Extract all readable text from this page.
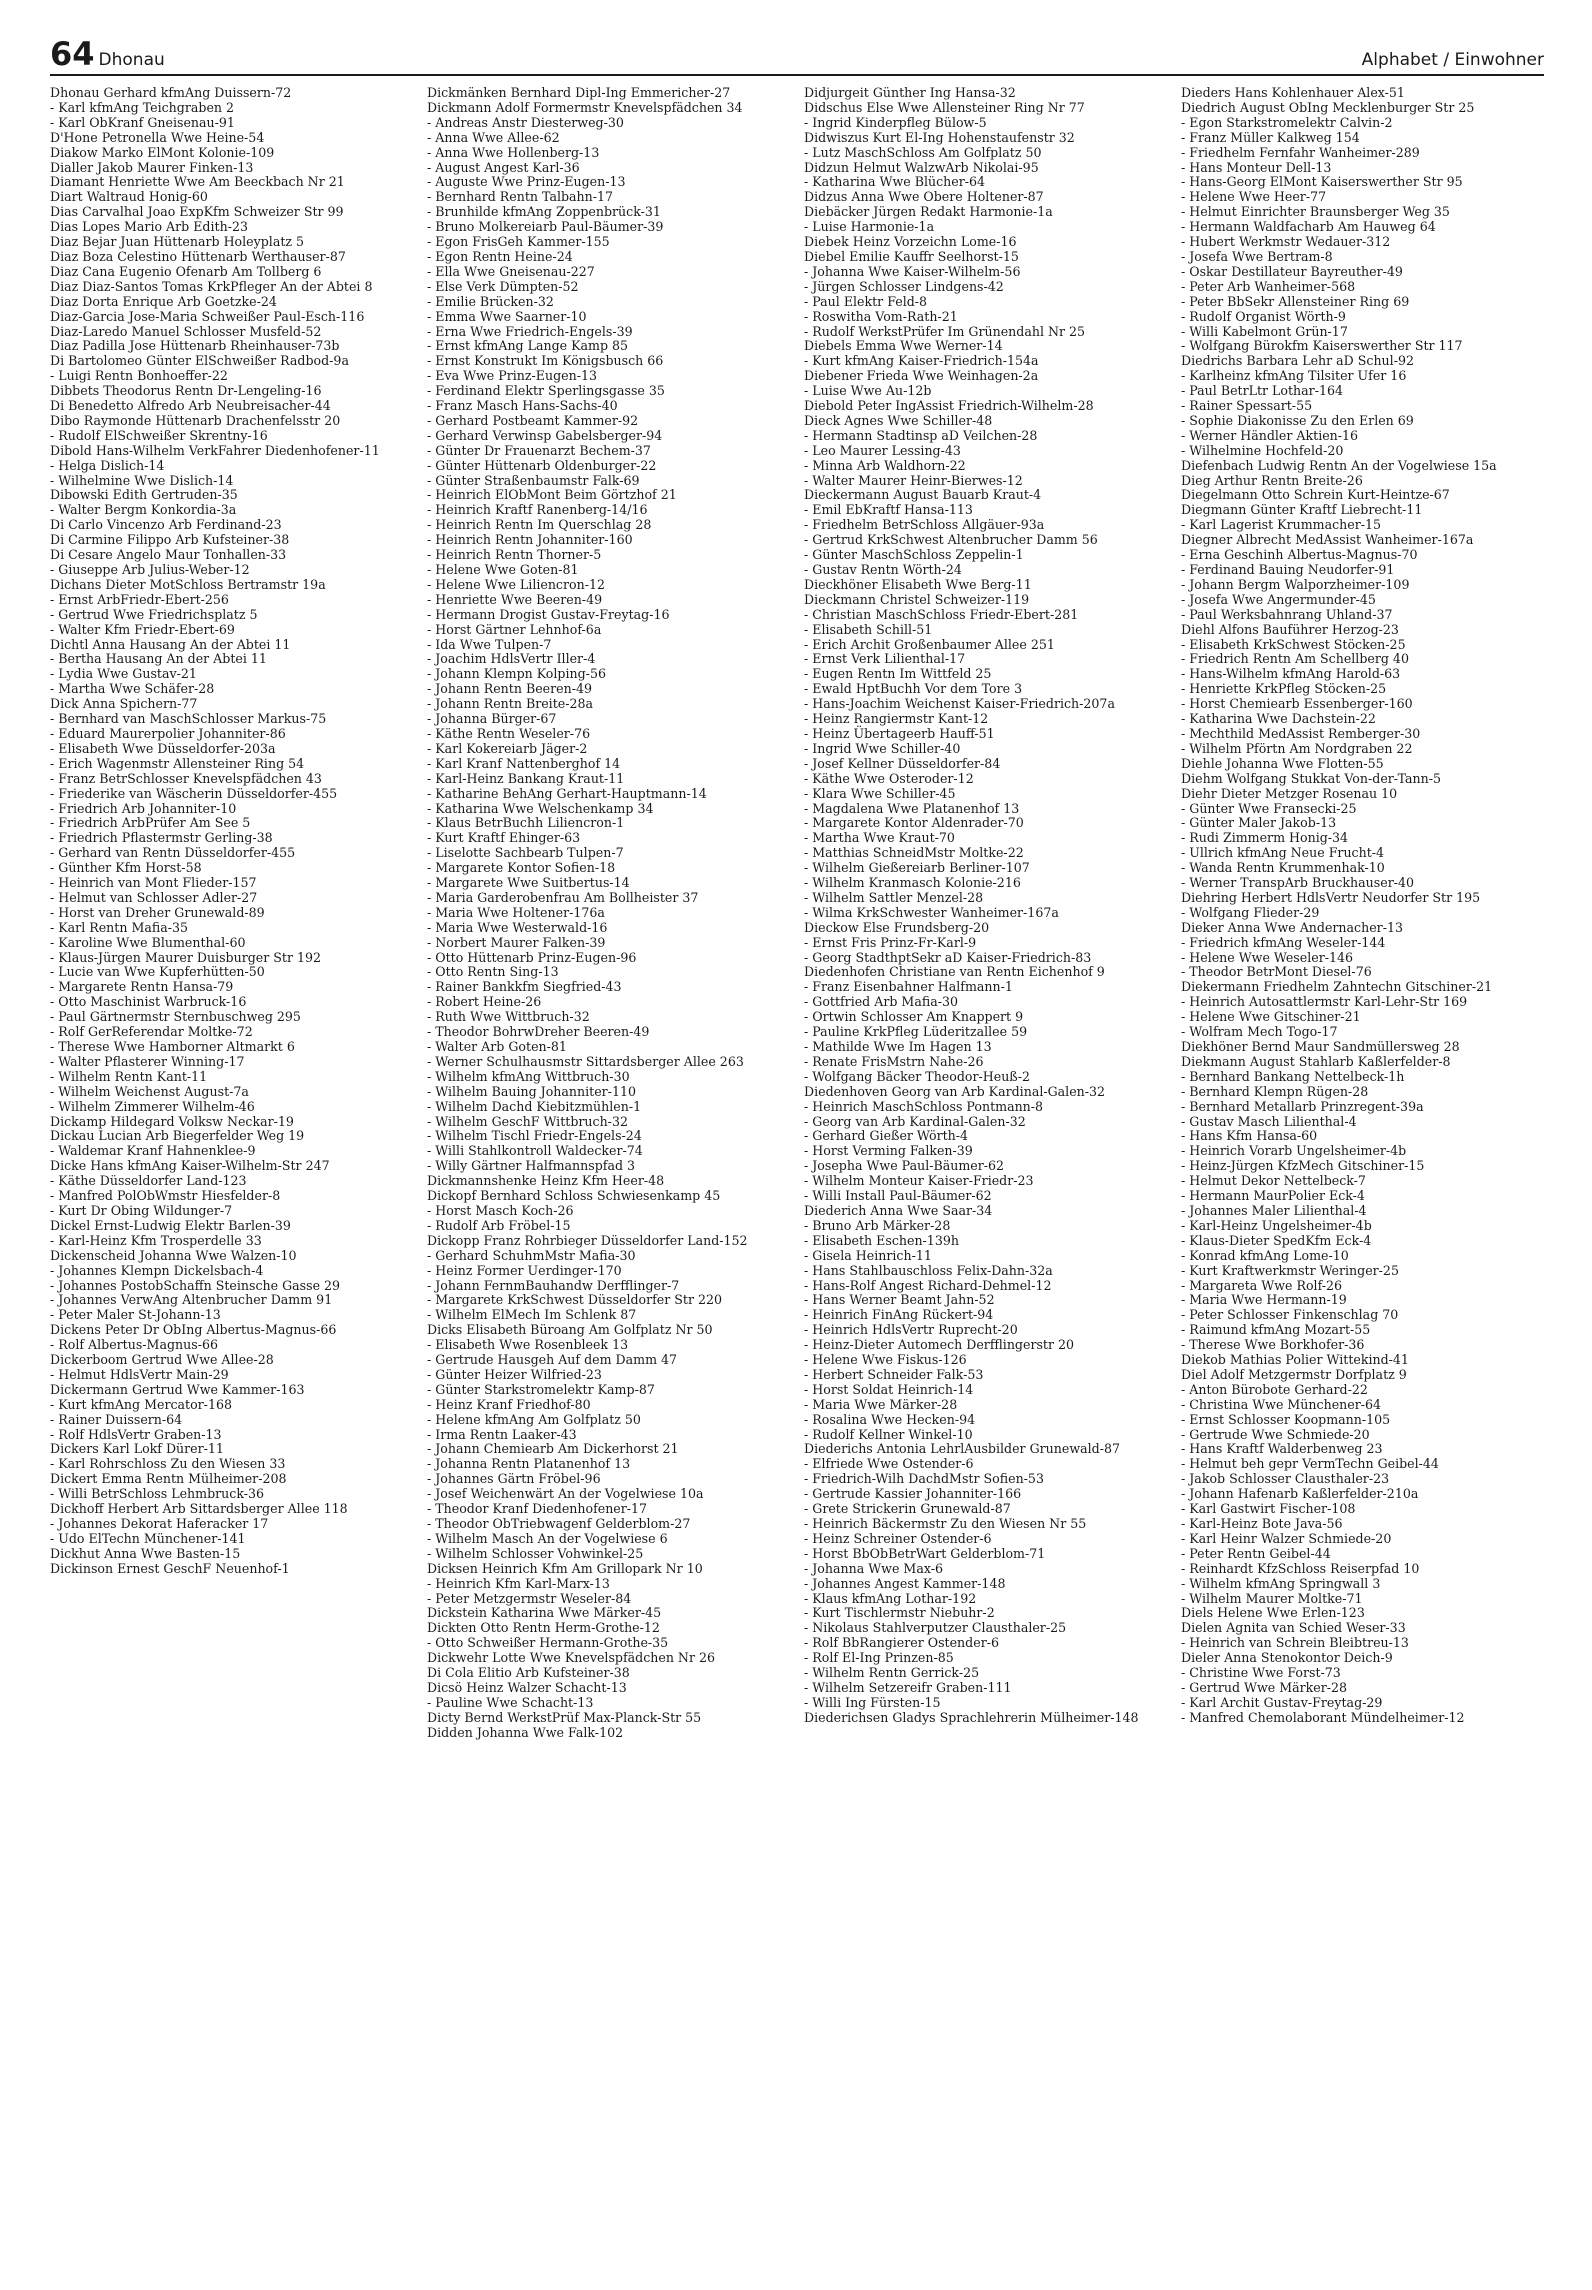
64 Dhonau	Alphabet / Einwohner
Dhonau Gerhard kfmAng Duissern-72
- Karl kfmAng Teichgraben 2
- Karl ObKranf Gneisenau-91
D'Hone Petronella Wwe Heine-54
Diakow Marko ElMont Kolonie-109
Dialler Jakob Maurer Finken-13
Diamant Henriette Wwe Am Beeckbach Nr 21
Diart Waltraud Honig-60
Dias Carvalhal Joao ExpKfm Schweizer Str 99
Dias Lopes Mario Arb Edith-23
Diaz Bejar Juan Hüttenarb Holeyplatz 5
Diaz Boza Celestino Hüttenarb Werthauser-87
Diaz Cana Eugenio Ofenarb Am Tollberg 6
Diaz Diaz-Santos Tomas KrkPfleger An der Abtei 8
Diaz Dorta Enrique Arb Goetzke-24
Diaz-Garcia Jose-Maria Schweißer Paul-Esch-116
Diaz-Laredo Manuel Schlosser Musfeld-52
Diaz Padilla Jose Hüttenarb Rheinhauser-73b
Di Bartolomeo Günter ElSchweißer Radbod-9a
- Luigi Rentn Bonhoeffer-22
Dibbets Theodorus Rentn Dr-Lengeling-16
Di Benedetto Alfredo Arb Neubreisacher-44
Dibo Raymonde Hüttenarb Drachenfelsstr 20
- Rudolf ElSchweißer Skrentny-16
Dibold Hans-Wilhelm VerkFahrer Diedenhofener-11
- Helga Dislich-14
- Wilhelmine Wwe Dislich-14
Dibowski Edith Gertruden-35
- Walter Bergm Konkordia-3a
Di Carlo Vincenzo Arb Ferdinand-23
Di Carmine Filippo Arb Kufsteiner-38
Di Cesare Angelo Maur Tonhallen-33
- Giuseppe Arb Julius-Weber-12
Dichans Dieter MotSchloss Bertramstr 19a
- Ernst ArbFriedr-Ebert-256
- Gertrud Wwe Friedrichsplatz 5
- Walter Kfm Friedr-Ebert-69
Dichtl Anna Hausang An der Abtei 11
- Bertha Hausang An der Abtei 11
- Lydia Wwe Gustav-21
- Martha Wwe Schäfer-28
Dick Anna Spichern-77
- Bernhard van MaschSchlosser Markus-75
- Eduard Maurerpolier Johanniter-86
- Elisabeth Wwe Düsseldorfer-203a
- Erich Wagenmstr Allensteiner Ring 54
- Franz BetrSchlosser Knevelspfädchen 43
- Friederike van Wäscherin Düsseldorfer-455
- Friedrich Arb Johanniter-10
- Friedrich ArbPrüfer Am See 5
- Friedrich Pflastermstr Gerling-38
- Gerhard van Rentn Düsseldorfer-455
- Günther Kfm Horst-58
- Heinrich van Mont Flieder-157
- Helmut van Schlosser Adler-27
- Horst van Dreher Grunewald-89
- Karl Rentn Mafia-35
- Karoline Wwe Blumenthal-60
- Klaus-Jürgen Maurer Duisburger Str 192
- Lucie van Wwe Kupferhütten-50
- Margarete Rentn Hansa-79
- Otto Maschinist Warbruck-16
- Paul Gärtnermstr Sternbuschweg 295
- Rolf GerReferendar Moltke-72
- Therese Wwe Hamborner Altmarkt 6
- Walter Pflasterer Winning-17
- Wilhelm Rentn Kant-11
- Wilhelm Weichenst August-7a
- Wilhelm Zimmerer Wilhelm-46
Dickamp Hildegard Volksw Neckar-19
Dickau Lucian Arb Biegerfelder Weg 19
- Waldemar Kranf Hahnenklee-9
Dicke Hans kfmAng Kaiser-Wilhelm-Str 247
- Käthe Düsseldorfer Land-123
- Manfred PolObWmstr Hiesfelder-8
- Kurt Dr Obing Wildunger-7
Dickel Ernst-Ludwig Elektr Barlen-39
- Karl-Heinz Kfm Trosperdelle 33
Dickenscheid Johanna Wwe Walzen-10
- Johannes Klempn Dickelsbach-4
- Johannes PostobSchaffn Steinsche Gasse 29
- Johannes VerwAng Altenbrucher Damm 91
- Peter Maler St-Johann-13
Dickens Peter Dr ObIng Albertus-Magnus-66
- Rolf Albertus-Magnus-66
Dickerboom Gertrud Wwe Allee-28
- Helmut HdlsVertr Main-29
Dickermann Gertrud Wwe Kammer-163
- Kurt kfmAng Mercator-168
- Rainer Duissern-64
- Rolf HdlsVertr Graben-13
Dickers Karl Lokf Dürer-11
- Karl Rohrschloss Zu den Wiesen 33
Dickert Emma Rentn Mülheimer-208
- Willi BetrSchloss Lehmbruck-36
Dickhoff Herbert Arb Sittardsberger Allee 118
- Johannes Dekorat Haferacker 17
- Udo ElTechn Münchener-141
Dickhut Anna Wwe Basten-15
Dickinson Ernest GeschF Neuenhof-1
Dickmänken Bernhard Dipl-Ing Emmericher-27
Dickmann Adolf Formermstr Knevelspfädchen 34
- Andreas Anstr Diesterweg-30
- Anna Wwe Allee-62
- Anna Wwe Hollenberg-13
- August Angest Karl-36
- Auguste Wwe Prinz-Eugen-13
- Bernhard Rentn Talbahn-17
- Brunhilde kfmAng Zoppenbrück-31
- Bruno Molkereiarb Paul-Bäumer-39
- Egon FrisGeh Kammer-155
- Egon Rentn Heine-24
- Ella Wwe Gneisenau-227
- Else Verk Dümpten-52
- Emilie Brücken-32
- Emma Wwe Saarner-10
- Erna Wwe Friedrich-Engels-39
- Ernst kfmAng Lange Kamp 85
- Ernst Konstrukt Im Königsbusch 66
- Eva Wwe Prinz-Eugen-13
- Ferdinand Elektr Sperlingsgasse 35
- Franz Masch Hans-Sachs-40
- Gerhard Postbeamt Kammer-92
- Gerhard Verwinsp Gabelsberger-94
- Günter Dr Frauenarzt Bechem-37
- Günter Hüttenarb Oldenburger-22
- Günter Straßenbaumstr Falk-69
- Heinrich ElObMont Beim Görtzhof 21
- Heinrich Kraftf Ranenberg-14/16
- Heinrich Rentn Im Querschlag 28
- Heinrich Rentn Johanniter-160
- Heinrich Rentn Thorner-5
- Helene Wwe Goten-81
- Helene Wwe Liliencron-12
- Henriette Wwe Beeren-49
- Hermann Drogist Gustav-Freytag-16
- Horst Gärtner Lehnhof-6a
- Ida Wwe Tulpen-7
- Joachim HdlsVertr Iller-4
- Johann Klempn Kolping-56
- Johann Rentn Beeren-49
- Johann Rentn Breite-28a
- Johanna Bürger-67
- Käthe Rentn Weseler-76
- Karl Kokereiarb Jäger-2
- Karl Kranf Nattenberghof 14
- Karl-Heinz Bankang Kraut-11
- Katharine BehAng Gerhart-Hauptmann-14
- Katharina Wwe Welschenkamp 34
- Klaus BetrBuchh Liliencron-1
- Kurt Kraftf Ehinger-63
- Liselotte Sachbearb Tulpen-7
- Margarete Kontor Sofien-18
- Margarete Wwe Suitbertus-14
- Maria Garderobenfrau Am Bollheister 37
- Maria Wwe Holtener-176a
- Maria Wwe Westerwald-16
- Norbert Maurer Falken-39
- Otto Hüttenarb Prinz-Eugen-96
- Otto Rentn Sing-13
- Rainer Bankkfm Siegfried-43
- Robert Heine-26
- Ruth Wwe Wittbruch-32
- Theodor BohrwDreher Beeren-49
- Walter Arb Goten-81
- Werner Schulhausmstr Sittardsberger Allee 263
- Wilhelm kfmAng Wittbruch-30
- Wilhelm Bauing Johanniter-110
- Wilhelm Dachd Kiebitzmühlen-1
- Wilhelm GeschF Wittbruch-32
- Wilhelm Tischl Friedr-Engels-24
- Willi Stahlkontroll Waldecker-74
- Willy Gärtner Halfmannspfad 3
Dickmannshenke Heinz Kfm Heer-48
Dickopf Bernhard Schloss Schwiesenkamp 45
- Horst Masch Koch-26
- Rudolf Arb Fröbel-15
Dickopp Franz Rohrbieger Düsseldorfer Land-152
- Gerhard SchuhmMstr Mafia-30
- Heinz Former Uerdinger-170
- Johann FernmBauhandw Derfflinger-7
- Margarete KrkSchwest Düsseldorfer Str 220
- Wilhelm ElMech Im Schlenk 87
Dicks Elisabeth Büroang Am Golfplatz Nr 50
- Elisabeth Wwe Rosenbleek 13
- Gertrude Hausgeh Auf dem Damm 47
- Günter Heizer Wilfried-23
- Günter Starkstromelektr Kamp-87
- Heinz Kranf Friedhof-80
- Helene kfmAng Am Golfplatz 50
- Irma Rentn Laaker-43
- Johann Chemiearb Am Dickerhorst 21
- Johanna Rentn Platanenhof 13
- Johannes Gärtn Fröbel-96
- Josef Weichenwärt An der Vogelwiese 10a
- Theodor Kranf Diedenhofener-17
- Theodor ObTriebwagenf Gelderblom-27
- Wilhelm Masch An der Vogelwiese 6
- Wilhelm Schlosser Vohwinkel-25
Dicksen Heinrich Kfm Am Grillopark Nr 10
- Heinrich Kfm Karl-Marx-13
- Peter Metzgermstr Weseler-84
Dickstein Katharina Wwe Märker-45
Dickten Otto Rentn Herm-Grothe-12
- Otto Schweißer Hermann-Grothe-35
Dickwehr Lotte Wwe Knevelspfädchen Nr 26
Di Cola Elitio Arb Kufsteiner-38
Dicsö Heinz Walzer Schacht-13
- Pauline Wwe Schacht-13
Dicty Bernd WerkstPrüf Max-Planck-Str 55
Didden Johanna Wwe Falk-102
Didjurgeit Günther Ing Hansa-32
Didschus Else Wwe Allensteiner Ring Nr 77
- Ingrid Kinderpfleg Bülow-5
Didwiszus Kurt El-Ing Hohenstaufenstr 32
- Lutz MaschSchloss Am Golfplatz 50
Didzun Helmut WalzwArb Nikolai-95
- Katharina Wwe Blücher-64
Didzus Anna Wwe Obere Holtener-87
Diebäcker Jürgen Redakt Harmonie-1a
- Luise Harmonie-1a
Diebek Heinz Vorzeichn Lome-16
Diebel Emilie Kauffr Seelhorst-15
- Johanna Wwe Kaiser-Wilhelm-56
- Jürgen Schlosser Lindgens-42
- Paul Elektr Feld-8
- Roswitha Vom-Rath-21
- Rudolf WerkstPrüfer Im Grünendahl Nr 25
Diebels Emma Wwe Werner-14
- Kurt kfmAng Kaiser-Friedrich-154a
Diebener Frieda Wwe Weinhagen-2a
- Luise Wwe Au-12b
Diebold Peter IngAssist Friedrich-Wilhelm-28
Dieck Agnes Wwe Schiller-48
- Hermann Stadtinsp aD Veilchen-28
- Leo Maurer Lessing-43
- Minna Arb Waldhorn-22
- Walter Maurer Heinr-Bierwes-12
Dieckermann August Bauarb Kraut-4
- Emil EbKraftf Hansa-113
- Friedhelm BetrSchloss Allgäuer-93a
- Gertrud KrkSchwest Altenbrucher Damm 56
- Günter MaschSchloss Zeppelin-1
- Gustav Rentn Wörth-24
Dieckhöner Elisabeth Wwe Berg-11
Dieckmann Christel Schweizer-119
- Christian MaschSchloss Friedr-Ebert-281
- Elisabeth Schill-51
- Erich Archit Großenbaumer Allee 251
- Ernst Verk Lilienthal-17
- Eugen Rentn Im Wittfeld 25
- Ewald HptBuchh Vor dem Tore 3
- Hans-Joachim Weichenst Kaiser-Friedrich-207a
- Heinz Rangiermstr Kant-12
- Heinz Übertageerb Hauff-51
- Ingrid Wwe Schiller-40
- Josef Kellner Düsseldorfer-84
- Käthe Wwe Osteroder-12
- Klara Wwe Schiller-45
- Magdalena Wwe Platanenhof 13
- Margarete Kontor Aldenrader-70
- Martha Wwe Kraut-70
- Matthias SchneidMstr Moltke-22
- Wilhelm Gießereiarb Berliner-107
- Wilhelm Kranmasch Kolonie-216
- Wilhelm Sattler Menzel-28
- Wilma KrkSchwester Wanheimer-167a
Dieckow Else Frundsberg-20
- Ernst Fris Prinz-Fr-Karl-9
- Georg StadthptSekr aD Kaiser-Friedrich-83
Diedenhofen Christiane van Rentn Eichenhof 9
- Franz Eisenbahner Halfmann-1
- Gottfried Arb Mafia-30
- Ortwin Schlosser Am Knappert 9
- Pauline KrkPfleg Lüderitzallee 59
- Mathilde Wwe Im Hagen 13
- Renate FrisMstrn Nahe-26
- Wolfgang Bäcker Theodor-Heuß-2
Diedenhoven Georg van Arb Kardinal-Galen-32
- Heinrich MaschSchloss Pontmann-8
- Georg van Arb Kardinal-Galen-32
- Gerhard Gießer Wörth-4
- Horst Verming Falken-39
- Josepha Wwe Paul-Bäumer-62
- Wilhelm Monteur Kaiser-Friedr-23
- Willi Install Paul-Bäumer-62
Diederich Anna Wwe Saar-34
- Bruno Arb Märker-28
- Elisabeth Eschen-139h
- Gisela Heinrich-11
- Hans Stahlbauschloss Felix-Dahn-32a
- Hans-Rolf Angest Richard-Dehmel-12
- Hans Werner Beamt Jahn-52
- Heinrich FinAng Rückert-94
- Heinrich HdlsVertr Ruprecht-20
- Heinz-Dieter Automech Derfflingerstr 20
- Helene Wwe Fiskus-126
- Herbert Schneider Falk-53
- Horst Soldat Heinrich-14
- Maria Wwe Märker-28
- Rosalina Wwe Hecken-94
- Rudolf Kellner Winkel-10
Diederichs Antonia LehrlAusbilder Grunewald-87
- Elfriede Wwe Ostender-6
- Friedrich-Wilh DachdMstr Sofien-53
- Gertrude Kassier Johanniter-166
- Grete Strickerin Grunewald-87
- Heinrich Bäckermstr Zu den Wiesen Nr 55
- Heinz Schreiner Ostender-6
- Horst BbObBetrWart Gelderblom-71
- Johanna Wwe Max-6
- Johannes Angest Kammer-148
- Klaus kfmAng Lothar-192
- Kurt Tischlermstr Niebuhr-2
- Nikolaus Stahlverputzer Clausthaler-25
- Rolf BbRangierer Ostender-6
- Rolf El-Ing Prinzen-85
- Wilhelm Rentn Gerrick-25
- Wilhelm Setzereifr Graben-111
- Willi Ing Fürsten-15
Diederichsen Gladys Sprachlehrerin Mülheimer-148
Dieders Hans Kohlenhauer Alex-51
Diedrich August ObIng Mecklenburger Str 25
- Egon Starkstromelektr Calvin-2
- Franz Müller Kalkweg 154
- Friedhelm Fernfahr Wanheimer-289
- Hans Monteur Dell-13
- Hans-Georg ElMont Kaiserswerther Str 95
- Helene Wwe Heer-77
- Helmut Einrichter Braunsberger Weg 35
- Hermann Waldfacharb Am Hauweg 64
- Hubert Werkmstr Wedauer-312
- Josefa Wwe Bertram-8
- Oskar Destillateur Bayreuther-49
- Peter Arb Wanheimer-568
- Peter BbSekr Allensteiner Ring 69
- Rudolf Organist Wörth-9
- Willi Kabelmont Grün-17
- Wolfgang Bürokfm Kaiserswerther Str 117
Diedrichs Barbara Lehr aD Schul-92
- Karlheinz kfmAng Tilsiter Ufer 16
- Paul BetrLtr Lothar-164
- Rainer Spessart-55
- Sophie Diakonisse Zu den Erlen 69
- Werner Händler Aktien-16
- Wilhelmine Hochfeld-20
Diefenbach Ludwig Rentn An der Vogelwiese 15a
Dieg Arthur Rentn Breite-26
Diegelmann Otto Schrein Kurt-Heintze-67
Diegmann Günter Kraftf Liebrecht-11
- Karl Lagerist Krummacher-15
Diegner Albrecht MedAssist Wanheimer-167a
- Erna Geschinh Albertus-Magnus-70
- Ferdinand Bauing Neudorfer-91
- Johann Bergm Walporzheimer-109
- Josefa Wwe Angermunder-45
- Paul Werksbahnrang Uhland-37
Diehl Alfons Bauführer Herzog-23
- Elisabeth KrkSchwest Stöcken-25
- Friedrich Rentn Am Schellberg 40
- Hans-Wilhelm kfmAng Harold-63
- Henriette KrkPfleg Stöcken-25
- Horst Chemiearb Essenberger-160
- Katharina Wwe Dachstein-22
- Mechthild MedAssist Remberger-30
- Wilhelm Pförtn Am Nordgraben 22
Diehle Johanna Wwe Flotten-55
Diehm Wolfgang Stukkat Von-der-Tann-5
Diehr Dieter Metzger Rosenau 10
- Günter Wwe Fransecki-25
- Günter Maler Jakob-13
- Rudi Zimmerm Honig-34
- Ullrich kfmAng Neue Frucht-4
- Wanda Rentn Krummenhak-10
- Werner TranspArb Bruckhauser-40
Diehring Herbert HdlsVertr Neudorfer Str 195
- Wolfgang Flieder-29
Dieker Anna Wwe Andernacher-13
- Friedrich kfmAng Weseler-144
- Helene Wwe Weseler-146
- Theodor BetrMont Diesel-76
Diekermann Friedhelm Zahntechn Gitschiner-21
- Heinrich Autosattlermstr Karl-Lehr-Str 169
- Helene Wwe Gitschiner-21
- Wolfram Mech Togo-17
Diekhöner Bernd Maur Sandmüllersweg 28
Diekmann August Stahlarb Kaßlerfelder-8
- Bernhard Bankang Nettelbeck-1h
- Bernhard Klempn Rügen-28
- Bernhard Metallarb Prinzregent-39a
- Gustav Masch Lilienthal-4
- Hans Kfm Hansa-60
- Heinrich Vorarb Ungelsheimer-4b
- Heinz-Jürgen KfzMech Gitschiner-15
- Helmut Dekor Nettelbeck-7
- Hermann MaurPolier Eck-4
- Johannes Maler Lilienthal-4
- Karl-Heinz Ungelsheimer-4b
- Klaus-Dieter SpedKfm Eck-4
- Konrad kfmAng Lome-10
- Kurt Kraftwerkmstr Weringer-25
- Margareta Wwe Rolf-26
- Maria Wwe Hermann-19
- Peter Schlosser Finkenschlag 70
- Raimund kfmAng Mozart-55
- Therese Wwe Borkhofer-36
Diekob Mathias Polier Wittekind-41
Diel Adolf Metzgermstr Dorfplatz 9
- Anton Bürobote Gerhard-22
- Christina Wwe Münchener-64
- Ernst Schlosser Koopmann-105
- Gertrude Wwe Schmiede-20
- Hans Kraftf Walderbenweg 23
- Helmut beh gepr VermTechn Geibel-44
- Jakob Schlosser Clausthaler-23
- Johann Hafenarb Kaßlerfelder-210a
- Karl Gastwirt Fischer-108
- Karl-Heinz Bote Java-56
- Karl Heinr Walzer Schmiede-20
- Peter Rentn Geibel-44
- Reinhardt KfzSchloss Reiserpfad 10
- Wilhelm kfmAng Springwall 3
- Wilhelm Maurer Moltke-71
Diels Helene Wwe Erlen-123
Dielen Agnita van Schied Weser-33
- Heinrich van Schrein Bleibtreu-13
Dieler Anna Stenokontor Deich-9
- Christine Wwe Forst-73
- Gertrud Wwe Märker-28
- Karl Archit Gustav-Freytag-29
- Manfred Chemolaborant Mündelheimer-12
